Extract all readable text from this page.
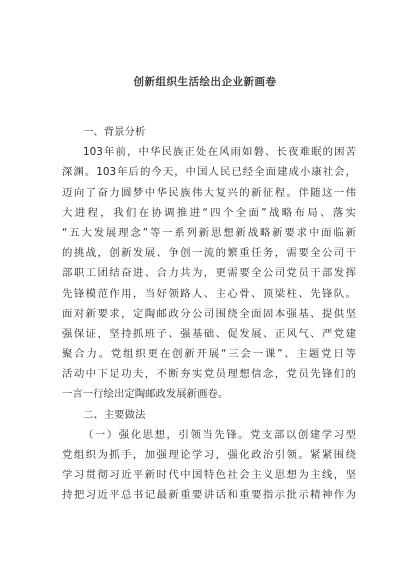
创新组织生活绘出企业新画卷
一、背景分析
103年前，中华民族正处在风雨如磐、长夜难眠的困苦
深渊。103年后的今天，中国人民已经全面建成小康社会，
迈向了奋力圆梦中华民族伟大复兴的新征程。伴随这一伟
大进程，我们在协调推进“四个全面”战略布局、落实
“五大发展理念”等一系列新思想新战略新要求中面临新
的挑战，创新发展、争创一流的繁重任务，需要全公司干
部职工团结奋进、合力共为，更需要全公司党员干部发挥
先锋模范作用，当好领路人、主心骨、顶梁柱、先锋队。
面对新要求，定陶邮政分公司围绕全面固本强基、提供坚
强保证，坚持抓班子、强基础、促发展、正风气、严党建
聚合力。党组织更在创新开展“三会一课”、主题党日等
活动中下足功夫，不断夯实党员理想信念，党员先锋们的
一言一行绘出定陶邮政发展新画卷。
二、主要做法
（一）强化思想，引领当先锋。党支部以创建学习型
党组织为抓手，加强理论学习，强化政治引领。紧紧围绕
学习贯彻习近平新时代中国特色社会主义思想为主线，坚
持把习近平总书记最新重要讲话和重要指示批示精神作为
